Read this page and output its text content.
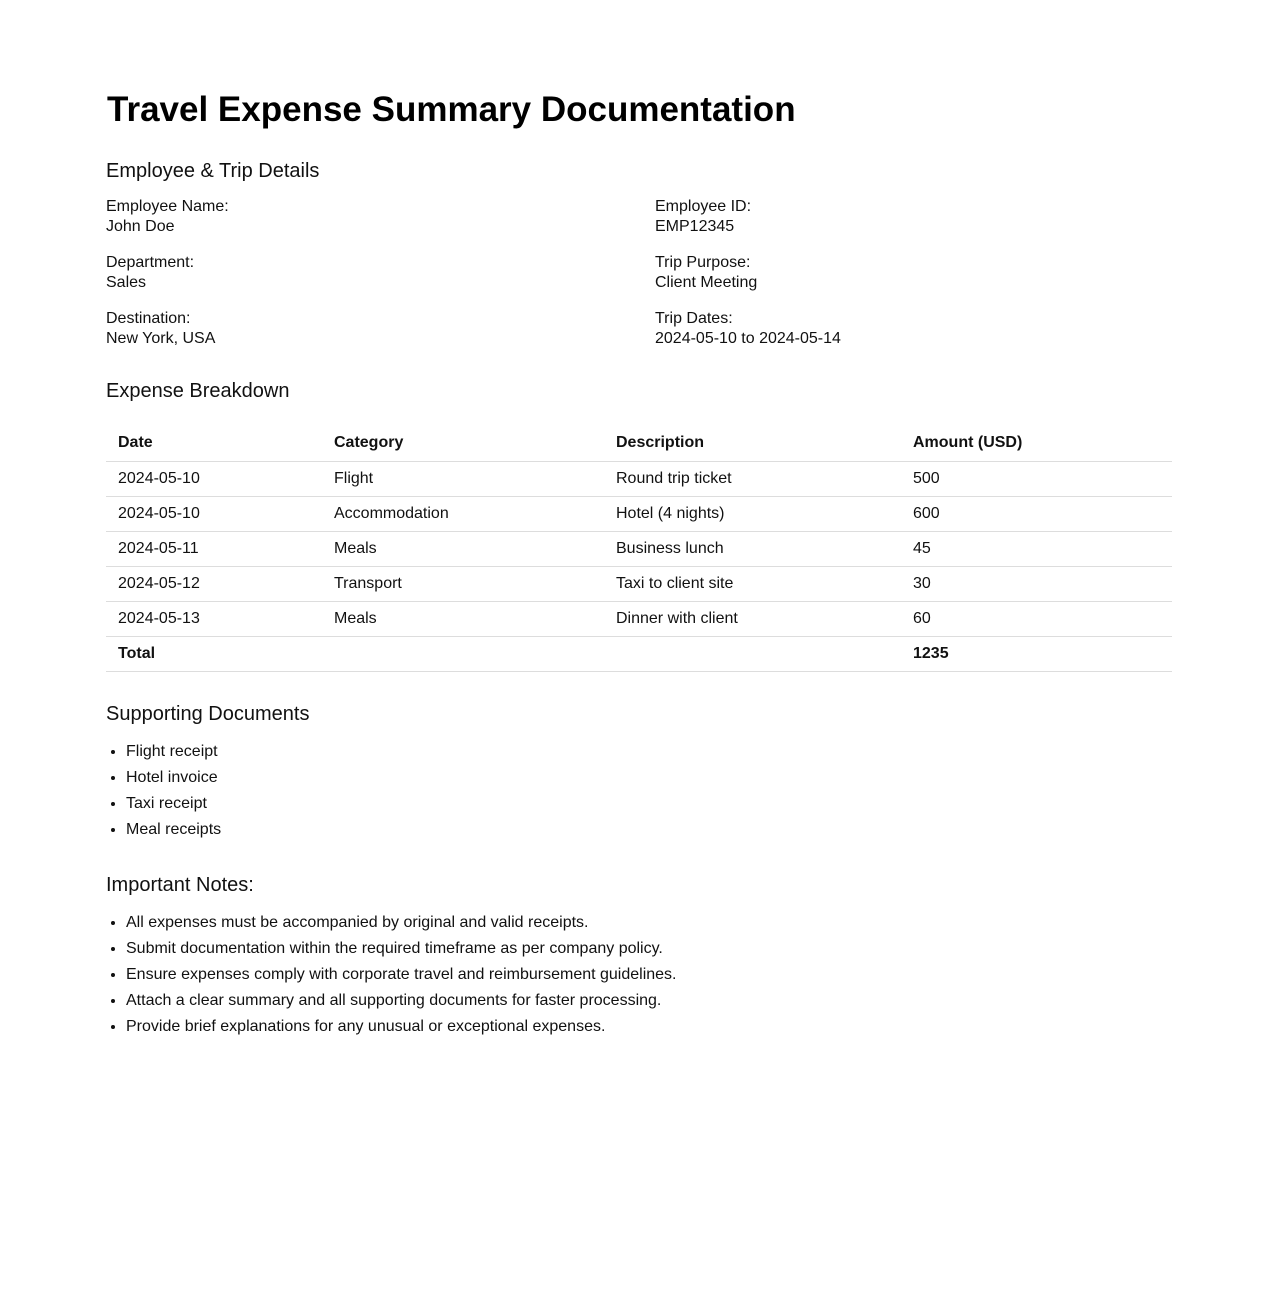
Travel Expense Summary Documentation
Employee & Trip Details
Employee Name:
John Doe
Employee ID:
EMP12345
Department:
Sales
Trip Purpose:
Client Meeting
Destination:
New York, USA
Trip Dates:
2024-05-10 to 2024-05-14
Expense Breakdown
Date	Category	Description	Amount (USD)
2024-05-10	Flight	Round trip ticket	500
2024-05-10	Accommodation	Hotel (4 nights)	600
2024-05-11	Meals	Business lunch	45
2024-05-12	Transport	Taxi to client site	30
2024-05-13	Meals	Dinner with client	60
Total			1235
Supporting Documents
• Flight receipt
• Hotel invoice
• Taxi receipt
• Meal receipts
Important Notes:
• All expenses must be accompanied by original and valid receipts.
• Submit documentation within the required timeframe as per company policy.
• Ensure expenses comply with corporate travel and reimbursement guidelines.
• Attach a clear summary and all supporting documents for faster processing.
• Provide brief explanations for any unusual or exceptional expenses.
